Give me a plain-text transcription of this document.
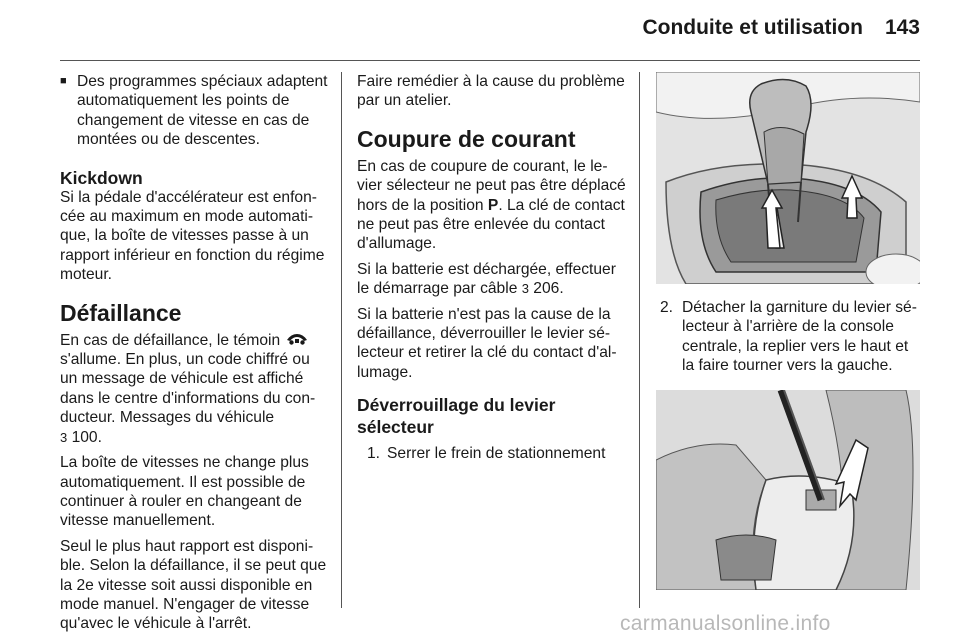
Conduite et utilisation 143
■ Des programmes spéciaux adaptent automatiquement les points de changement de vitesse en cas de montées ou de descentes.
Kickdown

Si la pédale d'accélérateur est enfoncée au maximum en mode automatique, la boîte de vitesses passe à un rapport inférieur en fonction du régime moteur.

Défaillance

En cas de défaillance, le témoin  s'allume. En plus, un code chiffré ou un message de véhicule est affiché dans le centre d'informations du conducteur. Messages du véhicule
3 100.

La boîte de vitesses ne change plus automatiquement. Il est possible de continuer à rouler en changeant de vitesse manuellement.

Seul le plus haut rapport est disponible. Selon la défaillance, il se peut que la 2e vitesse soit aussi disponible en mode manuel. N'engager de vitesse qu'avec le véhicule à l'arrêt.

Faire remédier à la cause du problème par un atelier.

Coupure de courant

En cas de coupure de courant, le levier sélecteur ne peut pas être déplacé hors de la position P. La clé de contact ne peut pas être enlevée du contact d'allumage.

Si la batterie est déchargée, effectuer le démarrage par câble 3 206.

Si la batterie n'est pas la cause de la défaillance, déverrouiller le levier sélecteur et retirer la clé du contact d'allumage.

Déverrouillage du levier sélecteur
1. Serrer le frein de stationnement
2. Détacher la garniture du levier sélecteur à l'arrière de la console centrale, la replier vers le haut et la faire tourner vers la gauche.
carmanualsonline.info
